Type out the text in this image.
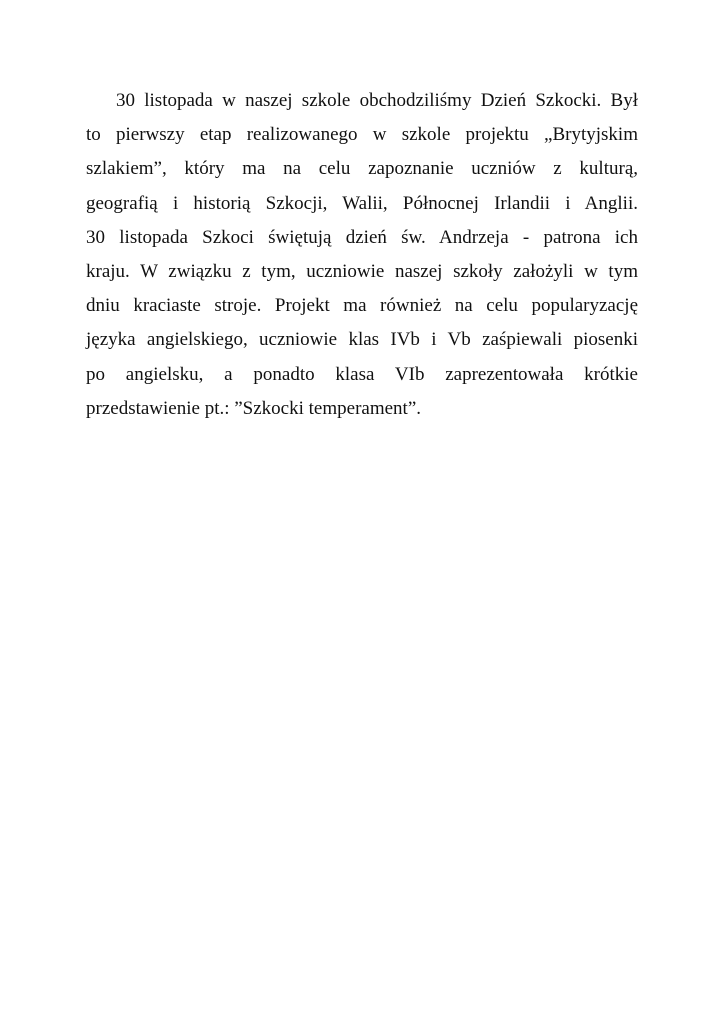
30 listopada w naszej szkole obchodziliśmy Dzień Szkocki. Był
to pierwszy etap realizowanego w szkole projektu „Brytyjskim
szlakiem”, który ma na celu zapoznanie uczniów z kulturą,
geografią i historią Szkocji, Walii, Północnej Irlandii i Anglii.
30 listopada Szkoci świętują dzień św. Andrzeja - patrona ich
kraju. W związku z tym, uczniowie naszej szkoły założyli w tym
dniu kraciaste stroje. Projekt ma również na celu popularyzację
języka angielskiego, uczniowie klas IVb i Vb zaśpiewali piosenki
po angielsku, a ponadto klasa VIb zaprezentowała krótkie
przedstawienie pt.: ”Szkocki temperament”.
